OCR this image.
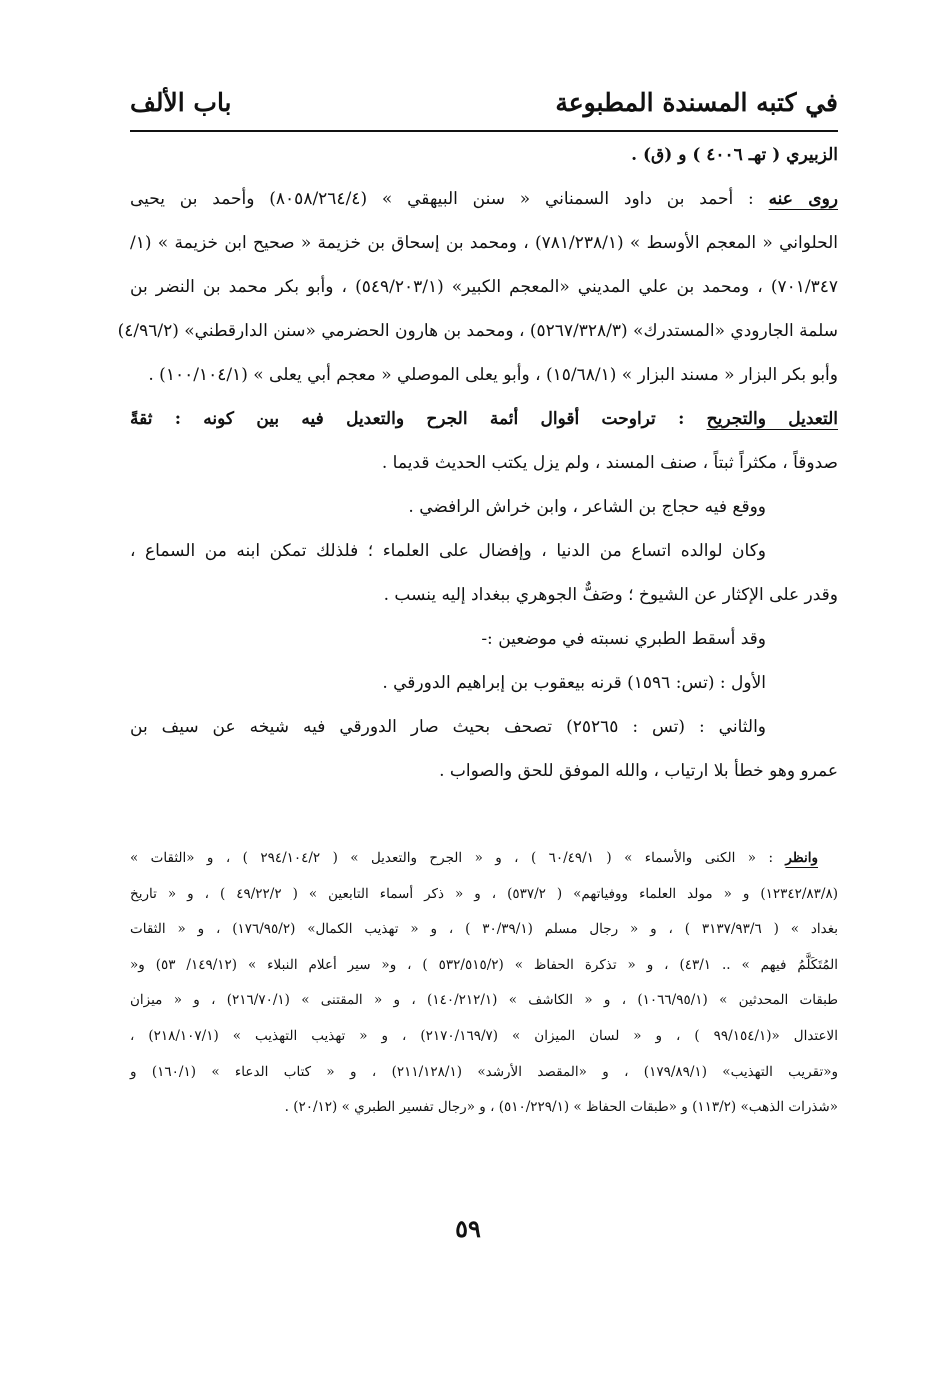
في كتبه المسندة المطبوعة
باب الألف
الزبيري ( تهـ ٤٠٠٦ ) و (ق) .
روى عنه : أحمد بن داود السمناني « سنن البيهقي » (٨٠٥٨/٢٦٤/٤) وأحمد بن يحيى
الحلواني « المعجم الأوسط » (٧٨١/٢٣٨/١) ، ومحمد بن إسحاق بن خزيمة « صحيح ابن خزيمة » (١/
٧٠١/٣٤٧) ، ومحمد بن علي المديني «المعجم الكبير» (٥٤٩/٢٠٣/١) ، وأبو بكر محمد بن النضر بن
سلمة الجارودي «المستدرك» (٥٢٦٧/٣٢٨/٣) ، ومحمد بن هارون الحضرمي «سنن الدارقطني» (٤/٩٦/٢)
وأبو بكر البزار « مسند البزار » (١٥/٦٨/١) ، وأبو يعلى الموصلي « معجم أبي يعلى » (١٠٠/١٠٤/١) .
التعديل والتجريح : تراوحت أقوال أئمة الجرح والتعديل فيه بين كونه : ثقةً
صدوقاً ، مكثراً ثبتاً ، صنف المسند ، ولم يزل يكتب الحديث قديما .
ووقع فيه حجاج بن الشاعر ، وابن خراش الرافضي .
وكان لوالده اتساع من الدنيا ، وإفضال على العلماء ؛ فلذلك تمكن ابنه من السماع ،
وقدر على الإكثار عن الشيوخ ؛ وصَفٌّ الجوهري ببغداد إليه ينسب .
وقد أسقط الطبري نسبته في موضعين :-
الأول : (تس: ١٥٩٦) قرنه بيعقوب بن إبراهيم الدورقي .
والثاني : (تس : ٢٥٢٦٥) تصحف بحيث صار الدورقي فيه شيخه عن سيف بن
عمرو وهو خطأ بلا ارتياب ، والله الموفق للحق والصواب .
وانظر : « الكنى والأسماء » ( ٦٠/٤٩/١ ) ، و « الجرح والتعديل » ( ٢٩٤/١٠٤/٢ ) ، و «الثقات »
(١٢٣٤٢/٨٣/٨) و « مولد العلماء ووفياتهم» ( ٥٣٧/٢) ، و « ذكر أسماء التابعين » ( ٤٩/٢٢/٢ ) ، و « تاريخ
بغداد » ( ٣١٣٧/٩٣/٦ ) ، و « رجال مسلم (٣٠/٣٩/١ ) ، و « تهذيب الكمال» (١٧٦/٩٥/٢) ، و « الثقات
المُتَكَلَّمُ فيهم » .. ٤٣/١) ، و « تذكرة الحفاظ » (٥٣٢/٥١٥/٢ ) ، و« سير أعلام النبلاء » (١٤٩/١٢/ ٥٣) و«
طبقات المحدثين » (١٠٦٦/٩٥/١) ، و « الكاشف » (١٤٠/٢١٢/١) ، و « المقتنى » (٢١٦/٧٠/١) ، و « ميزان
الاعتدال «(٩٩/١٥٤/١ ) ، و « لسان الميزان » (٢١٧٠/١٦٩/٧) ، و « تهذيب التهذيب » (٢١٨/١٠٧/١) ،
و«تقريب التهذيب» (١٧٩/٨٩/١) ، و «المقصد الأرشد» (٢١١/١٢٨/١) ، و « كتاب الدعاء » (١٦٠/١) و
«شذرات الذهب» (١١٣/٢) و «طبقات الحفاظ » (٥١٠/٢٢٩/١) ، و «رجال تفسير الطبري » (٢٠/١٢) .
٥٩
